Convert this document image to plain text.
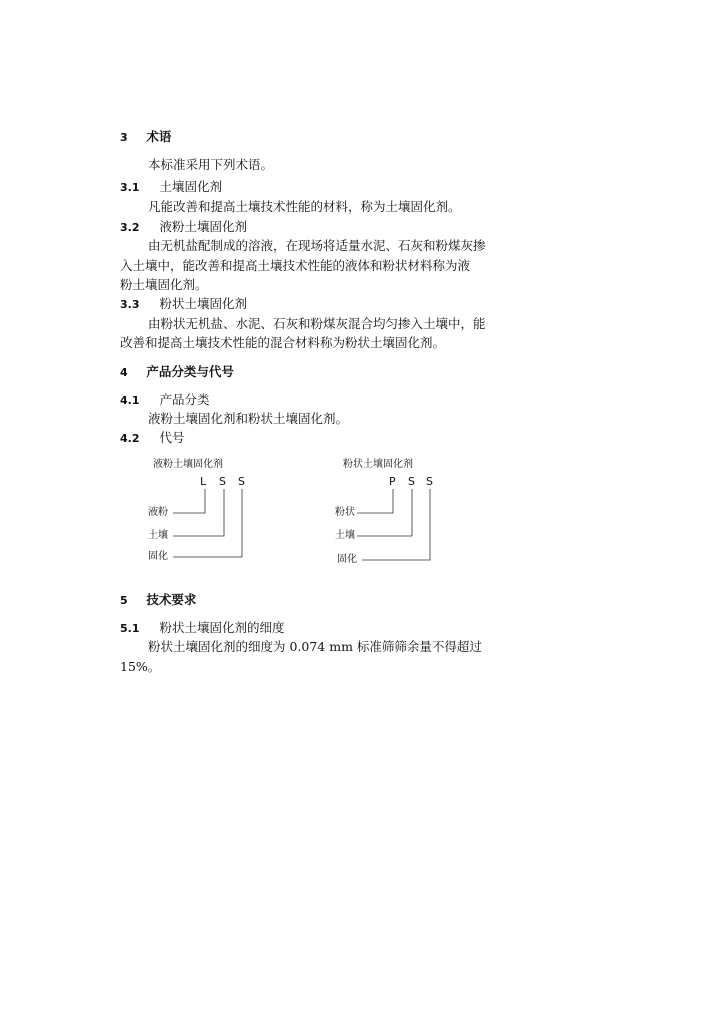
3 术语
本标准采用下列术语。
3.1 土壤固化剂
凡能改善和提高土壤技术性能的材料，称为土壤固化剂。
3.2 液粉土壤固化剂
由无机盐配制成的溶液，在现场将适量水泥、石灰和粉煤灰掺
入土壤中，能改善和提高土壤技术性能的液体和粉状材料称为液
粉土壤固化剂。
3.3 粉状土壤固化剂
由粉状无机盐、水泥、石灰和粉煤灰混合均匀掺入土壤中，能
改善和提高土壤技术性能的混合材料称为粉状土壤固化剂。
4 产品分类与代号
4.1 产品分类
液粉土壤固化剂和粉状土壤固化剂。
4.2 代号
液粉土壤固化剂
L S S
液粉
土壤
固化
粉状土壤固化剂
P S S
粉状
土壤
固化
5 技术要求
5.1 粉状土壤固化剂的细度
粉状土壤固化剂的细度为 0.074 mm 标准筛筛余量不得超过
15%。
